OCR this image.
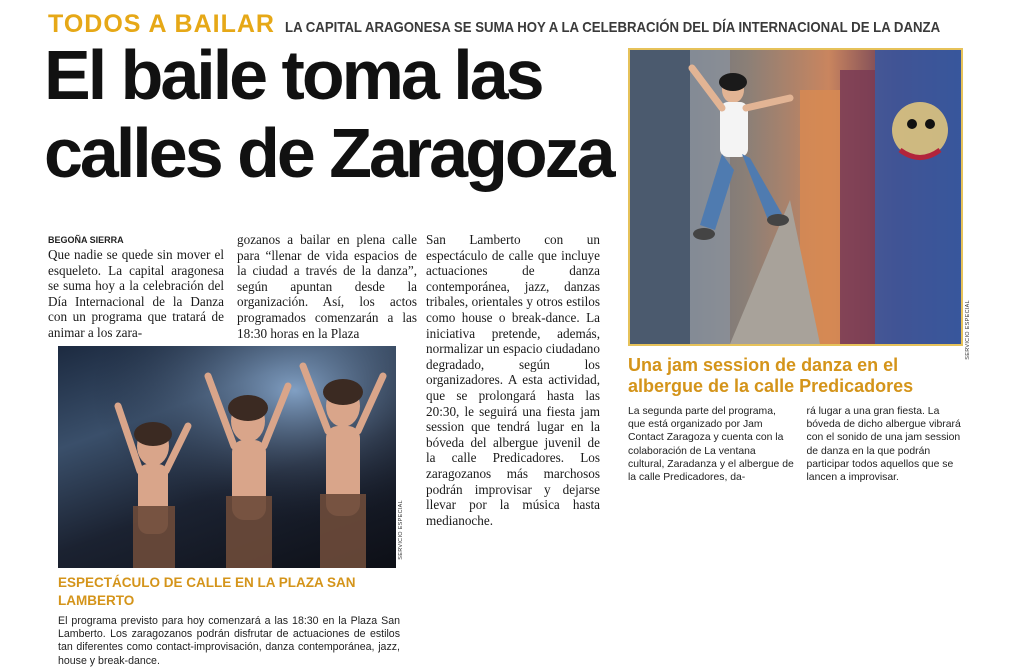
TODOS A BAILAR LA CAPITAL ARAGONESA SE SUMA HOY A LA CELEBRACIÓN DEL DÍA INTERNACIONAL DE LA DANZA
El baile toma las
calles de Zaragoza
BEGOÑA SIERRA

Que nadie se quede sin mover el esqueleto. La capital aragonesa se suma hoy a la celebración del Día Internacional de la Danza con un programa que tratará de animar a los zara-

gozanos a bailar en plena calle para “llenar de vida espacios de la ciudad a través de la danza”, según apuntan desde la organización. Así, los actos programados comenzarán a las 18:30 horas en la Plaza

San Lamberto con un espectáculo de calle que incluye actuaciones de danza contemporánea, jazz, danzas tribales, orientales y otros estilos como house o break-dance. La iniciativa pretende, además, normalizar un espacio ciudadano degradado, según los organizadores. A esta actividad, que se prolongará hasta las 20:30, le seguirá una fiesta jam session que tendrá lugar en la bóveda del albergue juvenil de la calle Predicadores. Los zaragozanos más marchosos podrán improvisar y dejarse llevar por la música hasta medianoche.

SERVICIO ESPECIAL
ESPECTÁCULO DE CALLE EN LA PLAZA SAN LAMBERTO
El programa previsto para hoy comenzará a las 18:30 en la Plaza San Lamberto. Los zaragozanos podrán disfrutar de actuaciones de estilos tan diferentes como contact-improvisación, danza contemporánea, jazz, house y break-dance.
SERVICIO ESPECIAL
Una jam session de danza en el albergue de la calle Predicadores
La segunda parte del programa, que está organizado por Jam Contact Zaragoza y cuenta con la colaboración de La ventana cultural, Zaradanza y el albergue de la calle Predicadores, da-
rá lugar a una gran fiesta. La bóveda de dicho albergue vibrará con el sonido de una jam session de danza en la que podrán participar todos aquellos que se lancen a improvisar.
